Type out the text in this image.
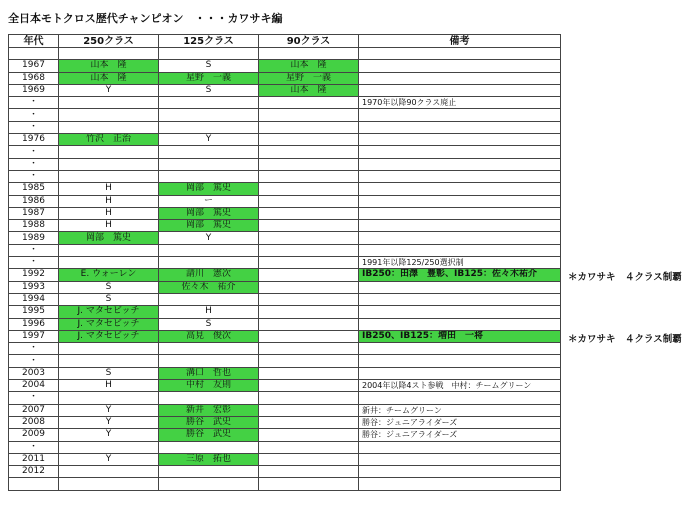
全日本モトクロス歴代チャンピオン　・・・カワサキ編
年代	250クラス	125クラス	90クラス	備考

1967	山本　隆	S	山本　隆	
1968	山本　隆	星野　一義	星野　一義	
1969	Y	S	山本　隆	
・				1970年以降90クラス廃止
・				
・				
1976	竹沢　正治	Y		
・				
・				
・				
1985	H	岡部　篤史		
1986	H	ー		
1987	H	岡部　篤史		
1988	H	岡部　篤史		
1989	岡部　篤史	Y		
・				
・				1991年以降125/250選択制
1992	E. ウォーレン	請川　憲次		IB250：田澤　豊彰、IB125：佐々木祐介
1993	S	佐々木　祐介		
1994	S			
1995	J. マタセビッチ	H		
1996	J. マタセビッチ	S		
1997	J. マタセビッチ	高見　俊次		IB250、IB125：増田　一将
・				
・				
2003	S	溝口　哲也		
2004	H	中村　友則		2004年以降4スト参戦　中村：チームグリーン
・				
2007	Y	新井　宏彰		新井：チームグリーン
2008	Y	勝谷　武史		勝谷：ジュニアライダーズ
2009	Y	勝谷　武史		勝谷：ジュニアライダーズ
・				
2011	Y	三原　拓也		
2012				

＊カワサキ　４クラス制覇
＊カワサキ　４クラス制覇
